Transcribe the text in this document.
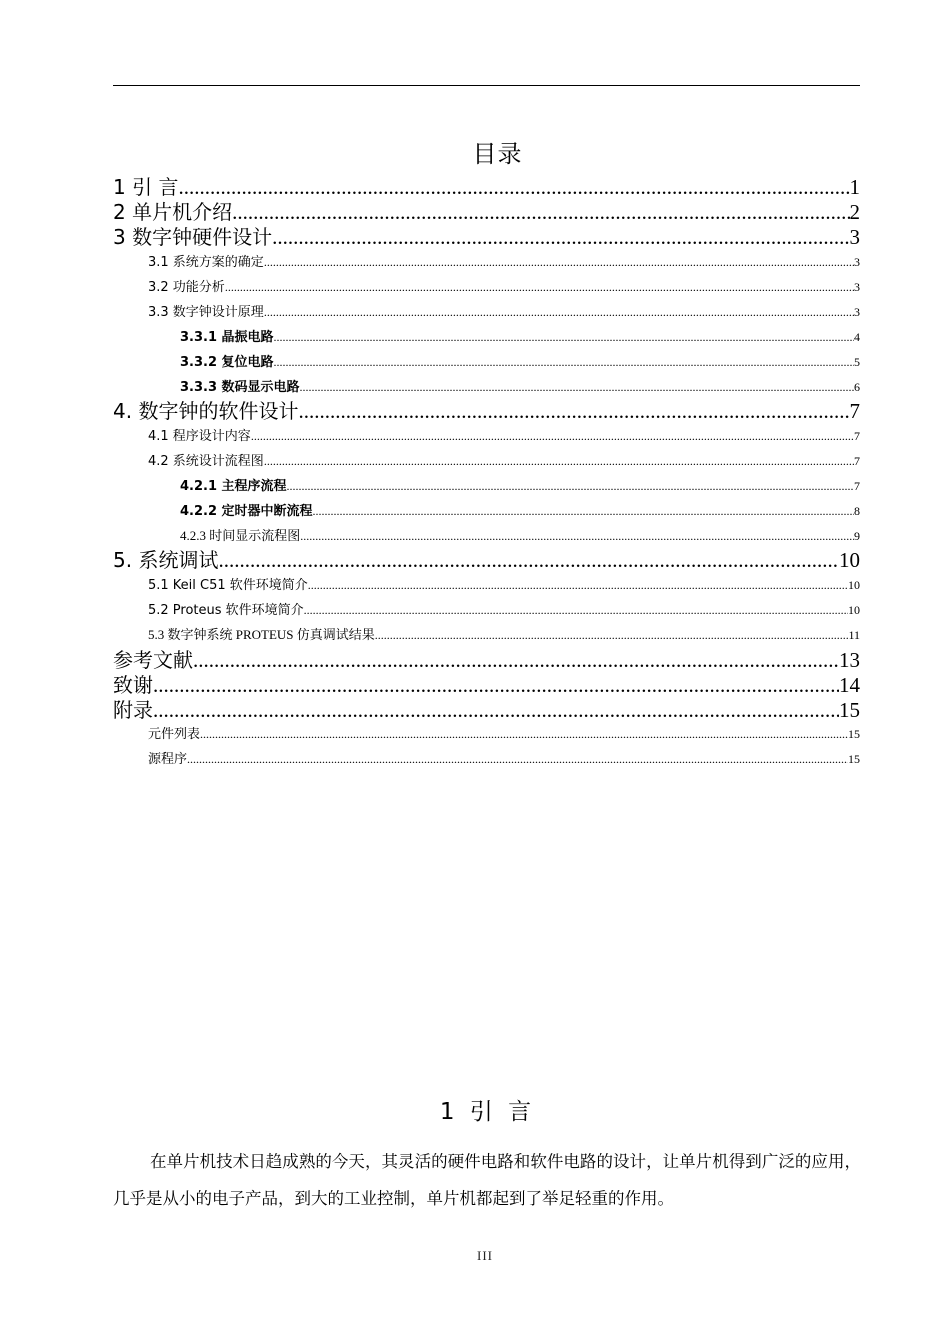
目录
1 引 言 .....	1
2 单片机介绍 .....	2
3 数字钟硬件设计 .....	3
3.1 系统方案的确定 .....	3
3.2 功能分析 .....	3
3.3 数字钟设计原理 .....	3
3.3.1 晶振电路 .....	4
3.3.2 复位电路 .....	5
3.3.3 数码显示电路 .....	6
4. 数字钟的软件设计 .....	7
4.1 程序设计内容 .....	7
4.2 系统设计流程图 .....	7
4.2.1 主程序流程 .....	7
4.2.2 定时器中断流程 .....	8
4.2.3 时间显示流程图 .....	9
5. 系统调试 .....	10
5.1 Keil C51 软件环境简介 .....	10
5.2 Proteus 软件环境简介 .....	10
5.3 数字钟系统 PROTEUS 仿真调试结果 .....	11
参考文献 .....	13
致谢 .....	14
附录 .....	15
元件列表 .....	15
源程序 .....	15
1 引 言
在单片机技术日趋成熟的今天，其灵活的硬件电路和软件电路的设计，让单片机得到广泛的应用，几乎是从小的电子产品，到大的工业控制，单片机都起到了举足轻重的作用。
III
